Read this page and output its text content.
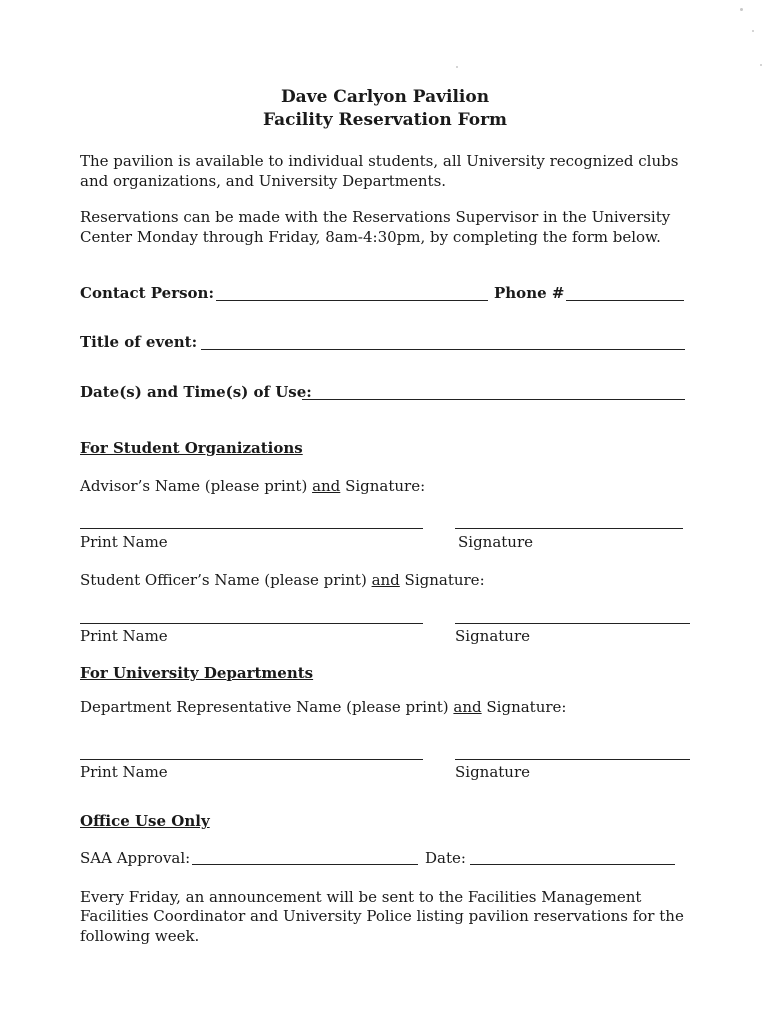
Dave Carlyon Pavilion
Facility Reservation Form
The pavilion is available to individual students, all University recognized clubs
and organizations, and University Departments.
Reservations can be made with the Reservations Supervisor in the University
Center Monday through Friday, 8am-4:30pm, by completing the form below.
Contact Person:	Phone #
Title of event:
Date(s) and Time(s) of Use:
For Student Organizations
Advisor’s Name (please print) and Signature:
Print Name	Signature
Student Officer’s Name (please print) and Signature:
Print Name	Signature
For University Departments
Department Representative Name (please print) and Signature:
Print Name	Signature
Office Use Only
SAA Approval:	Date:
Every Friday, an announcement will be sent to the Facilities Management
Facilities Coordinator and University Police listing pavilion reservations for the
following week.
